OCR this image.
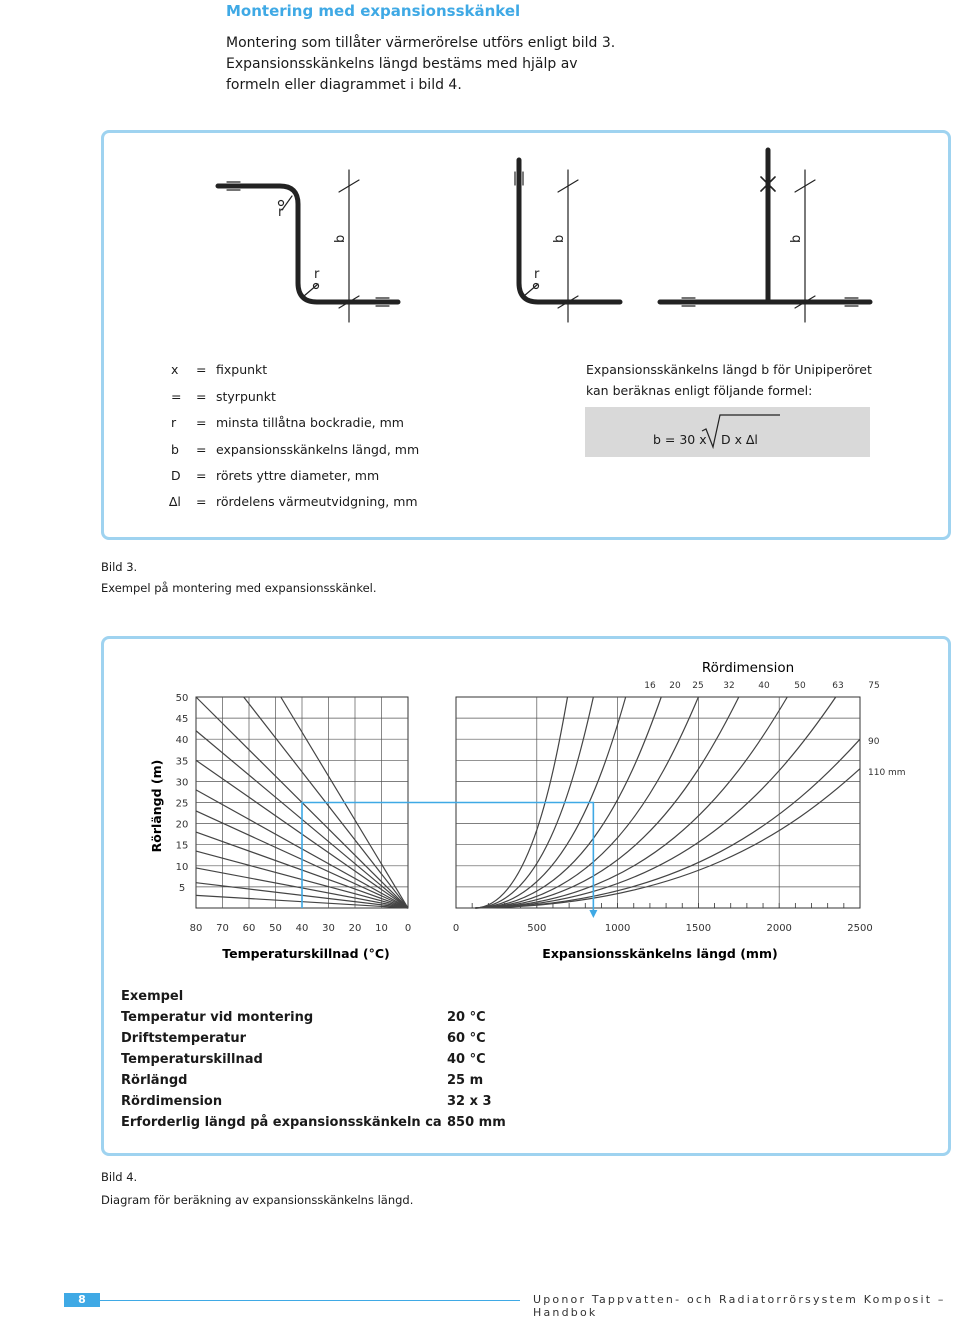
Montering med expansionsskänkel
Montering som tillåter värmerörelse utförs enligt bild 3.
Expansionsskänkelns längd bestäms med hjälp av
formeln eller diagrammet i bild 4.
r
r	r
b	b	b
x = fixpunkt
= = styrpunkt
r = minsta tillåtna bockradie, mm
b = expansionsskänkelns längd, mm
D = rörets yttre diameter, mm
∆l = rördelens värmeutvidgning, mm
Expansionsskänkelns längd b för Unipiperöret
kan beräknas enligt följande formel:
b = 30 x D x ∆l
Bild 3.
Exempel på montering med expansionsskänkel.
80 70 60 50 40 30 20 10 0
50
45
40
35
30
25
20
15
10
5
0	500	1000	1500	2000	2500
16 20 25 32	40	50	63	75
90
110 mm
Rördimension
Temperaturskillnad (°C)	Expansionsskänkelns längd (mm)
Rörlängd (m)
Exempel
Temperatur vid montering	20 °C
Driftstemperatur	60 °C
Temperaturskillnad	40 °C
Rörlängd	25 m
Rördimension	32 x 3
Erforderlig längd på expansionsskänkeln ca 850 mm
Bild 4.
Diagram för beräkning av expansionsskänkelns längd.
8	Uponor Tappvatten- och Radiatorrörsystem Komposit – Handbok
